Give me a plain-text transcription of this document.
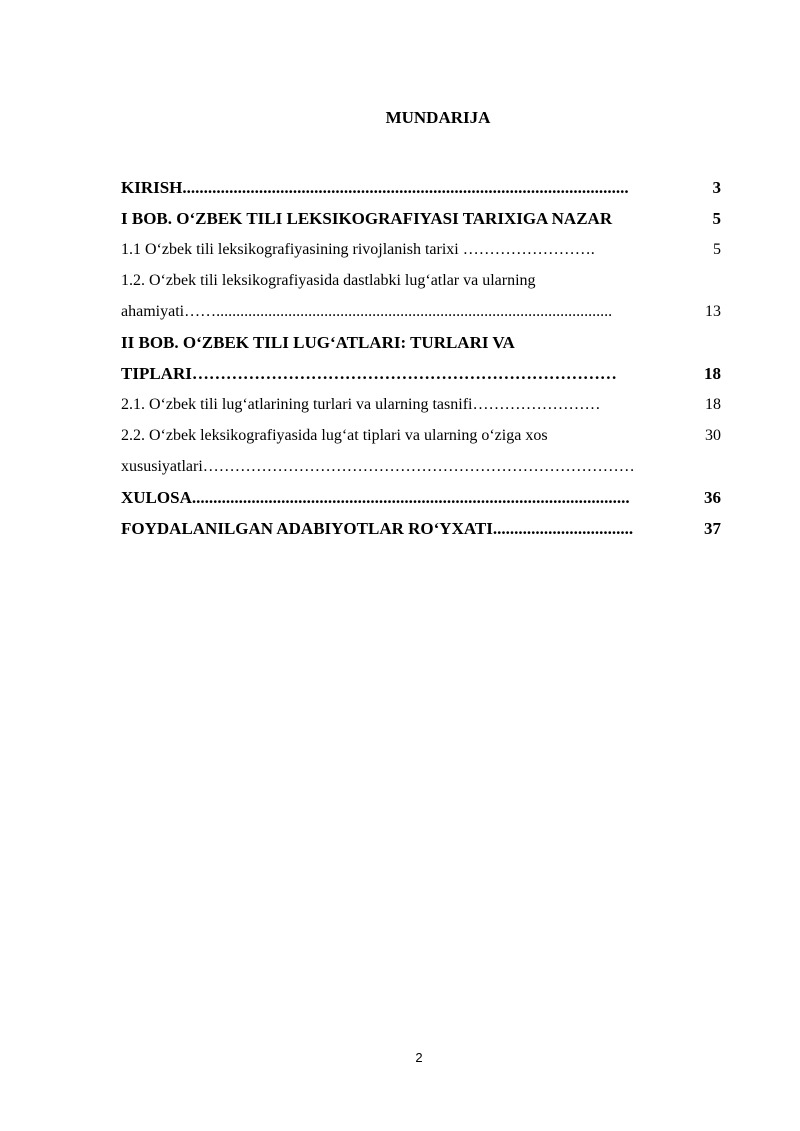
MUNDARIJA
KIRISH.........................................................................................................	3
I BOB. O‘ZBEK TILI LEKSIKOGRAFIYASI TARIXIGA NAZAR	5
1.1 O‘zbek tili leksikografiyasining rivojlanish tarixi …………………….	5
1.2. O‘zbek tili leksikografiyasida dastlabki lug‘atlar va ularning
ahamiyati……...................................................................................................	13
II BOB. O‘ZBEK TILI LUG‘ATLARI: TURLARI VA
TIPLARI…………………………………………………………………	18
2.1. O‘zbek tili lug‘atlarining turlari va ularning tasnifi……………………	18
2.2. O‘zbek leksikografiyasida lug‘at tiplari va ularning o‘ziga xos	30
xususiyatlari………………………………………………………………………
XULOSA.......................................................................................................	36
FOYDALANILGAN ADABIYOTLAR RO‘YXATI.................................	37
2
